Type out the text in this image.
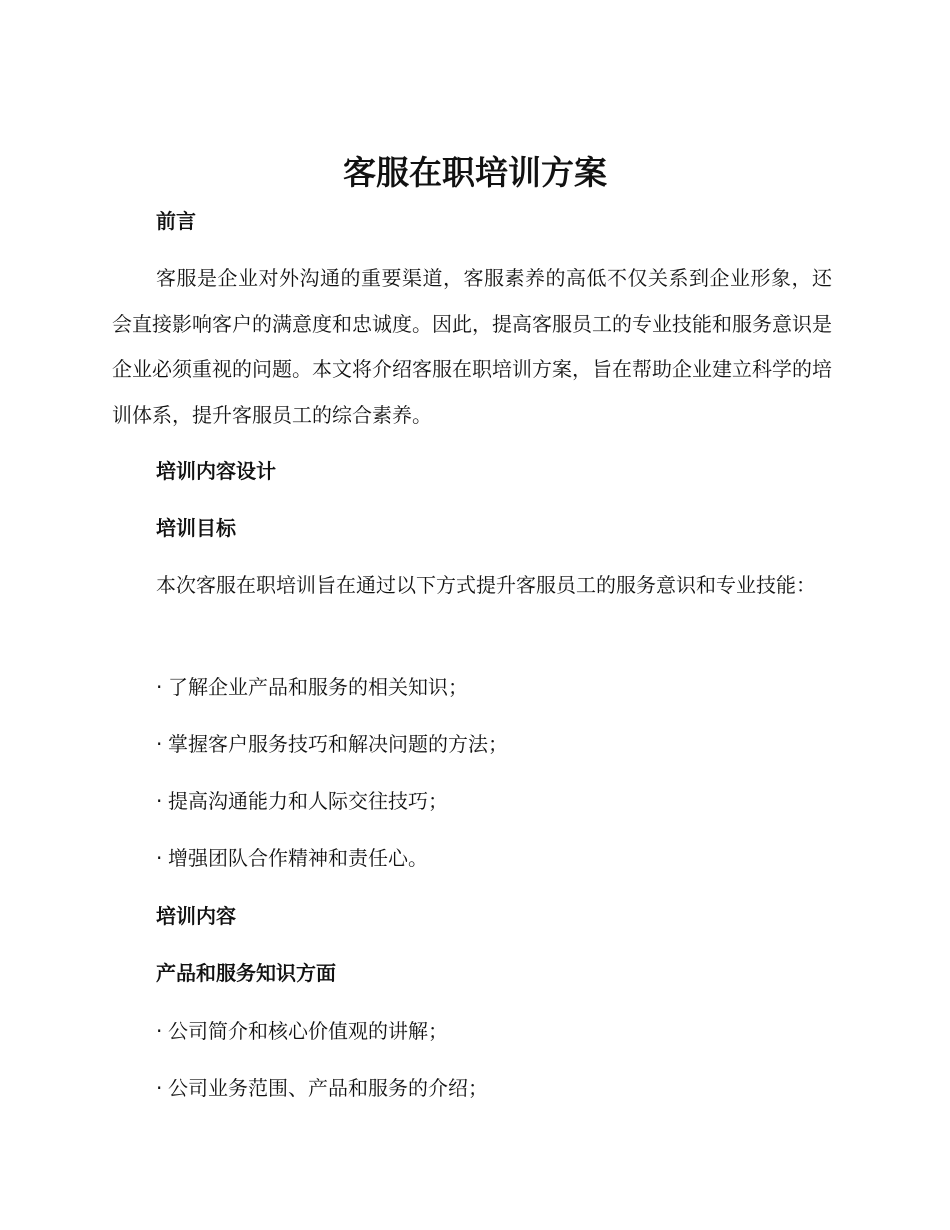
客服在职培训方案
前言

客服是企业对外沟通的重要渠道，客服素养的高低不仅关系到企业形象，还会直接影响客户的满意度和忠诚度。因此，提高客服员工的专业技能和服务意识是企业必须重视的问题。本文将介绍客服在职培训方案，旨在帮助企业建立科学的培训体系，提升客服员工的综合素养。

培训内容设计
培训目标

本次客服在职培训旨在通过以下方式提升客服员工的服务意识和专业技能：

· 了解企业产品和服务的相关知识；
· 掌握客户服务技巧和解决问题的方法；
· 提高沟通能力和人际交往技巧；
· 增强团队合作精神和责任心。
培训内容
产品和服务知识方面
· 公司简介和核心价值观的讲解；
· 公司业务范围、产品和服务的介绍；
